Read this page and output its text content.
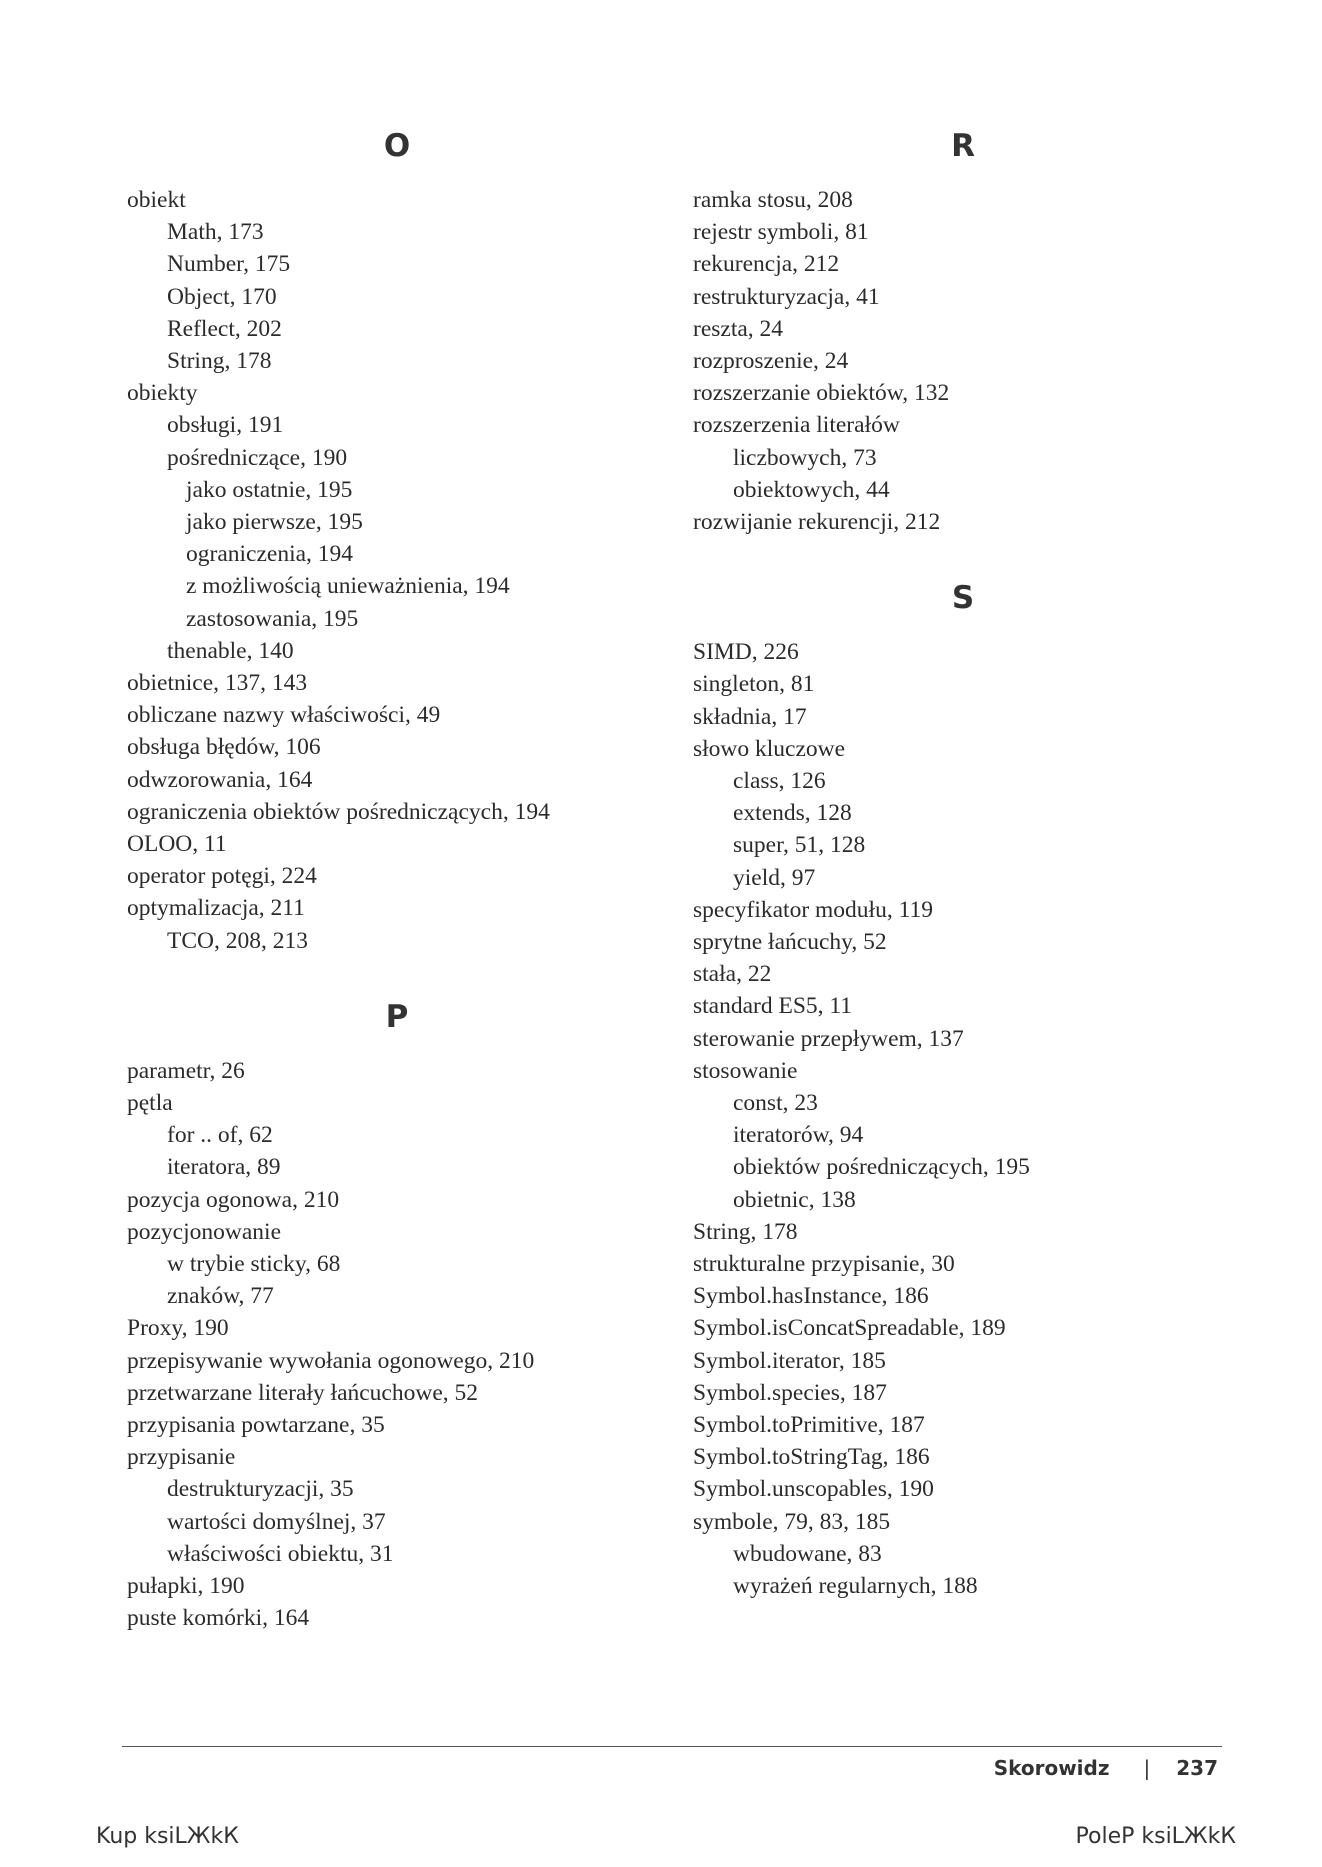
O
obiekt
Math, 173
Number, 175
Object, 170
Reflect, 202
String, 178
obiekty
obsługi, 191
pośredniczące, 190
jako ostatnie, 195
jako pierwsze, 195
ograniczenia, 194
z możliwością unieważnienia, 194
zastosowania, 195
thenable, 140
obietnice, 137, 143
obliczane nazwy właściwości, 49
obsługa błędów, 106
odwzorowania, 164
ograniczenia obiektów pośredniczących, 194
OLOO, 11
operator potęgi, 224
optymalizacja, 211
TCO, 208, 213
P
parametr, 26
pętla
for .. of, 62
iteratora, 89
pozycja ogonowa, 210
pozycjonowanie
w trybie sticky, 68
znaków, 77
Proxy, 190
przepisywanie wywołania ogonowego, 210
przetwarzane literały łańcuchowe, 52
przypisania powtarzane, 35
przypisanie
destrukturyzacji, 35
wartości domyślnej, 37
właściwości obiektu, 31
pułapki, 190
puste komórki, 164
R
ramka stosu, 208
rejestr symboli, 81
rekurencja, 212
restrukturyzacja, 41
reszta, 24
rozproszenie, 24
rozszerzanie obiektów, 132
rozszerzenia literałów
liczbowych, 73
obiektowych, 44
rozwijanie rekurencji, 212
S
SIMD, 226
singleton, 81
składnia, 17
słowo kluczowe
class, 126
extends, 128
super, 51, 128
yield, 97
specyfikator modułu, 119
sprytne łańcuchy, 52
stała, 22
standard ES5, 11
sterowanie przepływem, 137
stosowanie
const, 23
iteratorów, 94
obiektów pośredniczących, 195
obietnic, 138
String, 178
strukturalne przypisanie, 30
Symbol.hasInstance, 186
Symbol.isConcatSpreadable, 189
Symbol.iterator, 185
Symbol.species, 187
Symbol.toPrimitive, 187
Symbol.toStringTag, 186
Symbol.unscopables, 190
symbole, 79, 83, 185
wbudowane, 83
wyrażeń regularnych, 188
Skorowidz | 237
Kup ksiLЖkК	PoleР ksiLЖkК
